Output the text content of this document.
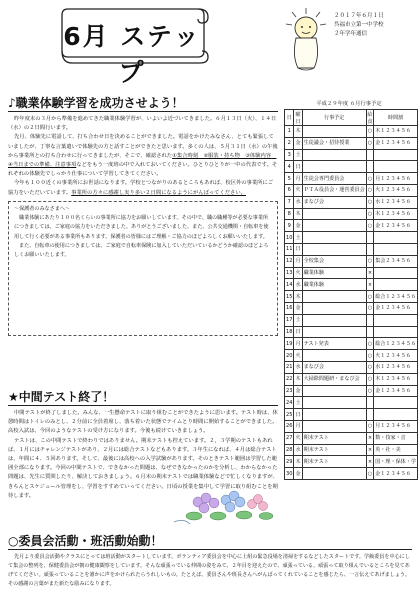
6月 ステップ
２０１７年６月１日
呉福市立第一中学校
２年学年通信
♪職業体験学習を成功させよう！
昨年度末の３月から準備を進めてきた職業体験学習が、いよいよ近づいてきました。６月１３日（火）、１４日（水）の２日間行います。
先月、体験先に電話して、打ち合わせ日を決めることができました。電話をかけたみなさん、とても緊張していましたが、丁寧な言葉遣いで体験先の方と話すことができたと思います。多くの人は、５月３１日（水）の午後から事業所との打ち合わせに行ってきましたが、そこで、確認された①集合時刻　②服装・持ち物　③体験内容　④当日までの準備、注意事項などをもう一度班の中で入れておいてください。ひとりひとりが一中の代表です。それぞれの体験先でしっかり仕事について学習してきてください。
今年も１００近くの事業所にお世話になります。学校とつながりのあるところもあれば、校区外の事業所にご協力をいただいています。事業所の方々に感謝し実り多い２日間になるようにがんばってください。
～保護者のみなさまへ～
職業体験にあたり１００名くらいの事業所に協力をお願いしています。その中で、職の職種等が必要な事業所につきましては、ご家庭の協力をいただきました。ありがとうございました。また、公共交通機関・自転車を使用して行く必要がある事業所もあります。保護者の皆様にはご理解・ご協力のほどよろしくお願いいたします。
また、自転車の使用につきましては、ご家庭で自転車保険に加入していただいているかどうか確認のほどよろしくお願いいたします。
★中間テスト終了！
中間テストが終了しました。みんな、一生懸命テストに取り組むことができたように思います。テスト時は、休憩時間はトイレのみとし、２分前に全員着席し、落ち着いた状態でテイムとり時間に開始することができました。高校入試は、今回のようなテストの受け方になります。今後も続けていきましょう。
テストは、この中間テストで終わりではありません。期末テストも控えています。２，３学期のテストもあれば、１月にはチャレンジテストがあり、２月には総合テストなどもあります。３年生になれば、４月は総合テストは、年間に４、５回あります。そして、最後には高校への入学試験があります。そのときテスト範囲は学習した範囲全部になります。今回の中間テストで、できなかった問題は、なぜできなかったのかを分析し、わからなかった問題は、先生に質問したり、解決しておきましょう。６月末の期末テストでは職業体験などで忙しくなりますが、きちんとスケジュール管理をし、学習をすすめていってください。日頃の授業を集中して学習に取り組むことを期待します。
○委員会活動・班活動始動！
先月より委員会活動やクラスにとっては班活動がスタートしています。ボランティア委員会を中心に上組の緊急役場を清掃をするなどしたスタートです。学級委員を中心にして集会の整列を、保健委員会が朝の健康観察をしています。そんな頑張っている仲間の姿をみて、２年目を迎えたので、頑張っている、頑張って取り組んでいるところを見てあげてください。頑張っていることを誰かに声をかけられたらうれしいもの。たとえば、委員さんや班長さんへがんばってくれていることを感じたら、一言伝えてあげましょう。その感謝の言葉がまた新たな励みになります。
平成２９年度 ６月行事予定
日	曜日	行事予定	給食	時間割
1	木		○	木１２３４５６
2	金	生徒議会・招待授業	○	金１２３４５６
3	土			
4	日			
5	月	生徒会専門委員会	○	月１２３４５６
6	火	ＰＴＡ役員会・運営委員会	○	火１２３４５６
7	水	まなび会	○	水１２３４５６
8	木		○	木１２３４５６
9	金		○	金１２３４５６
10	土			
11	日			
12	月	全校集会	○	集会２３４５６
13	火	職業体験	×	
14	水	職業体験	×	
15	木		○	総合１２３４５６
16	金		○	金１２３４５６
17	土			
18	日			
19	月	テスト発表	○	総合１２３４５６
20	火		○	火１２３４５６
21	水	まなび会	○	水１２３４５６
22	木	大掃除問題研・まなび会	○	木１２３４５６
23	金		○	金１２３４５６
24	土			
25	日			
26	月		○	月１２３４５６
27	火	期末テスト	×	数・技家・音
28	水	期末テスト	×	英・社・美
29	木	期末テスト	×	国・理・保体・学
30	金		○	金１２３４５６
